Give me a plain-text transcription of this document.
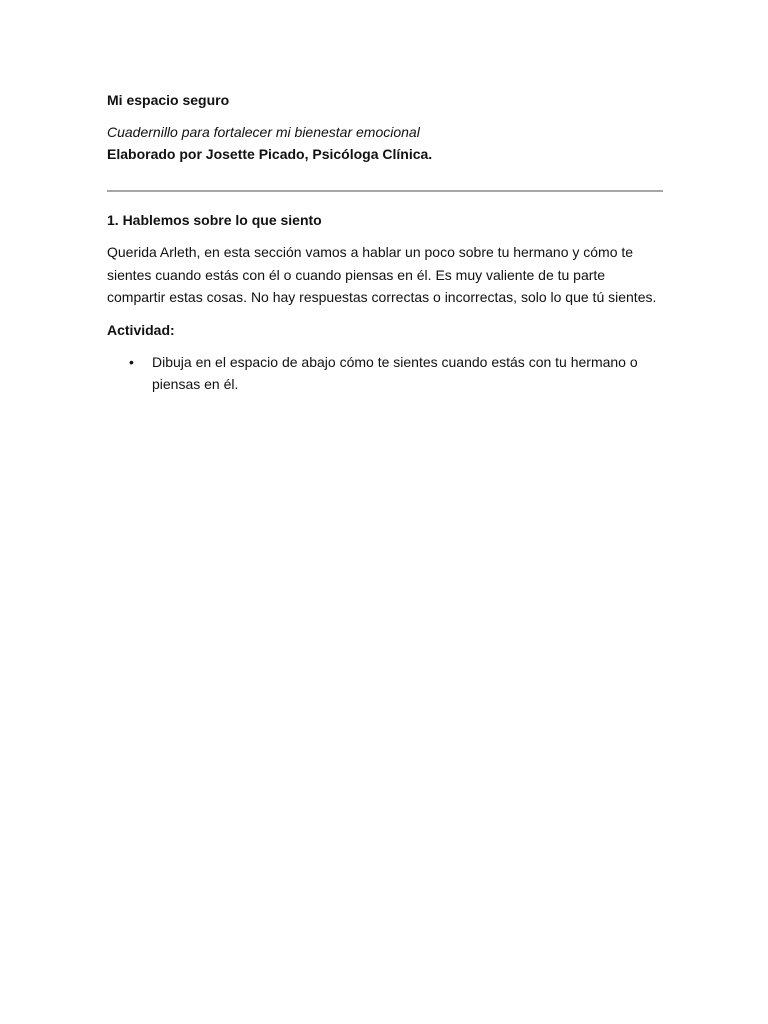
Mi espacio seguro

Cuadernillo para fortalecer mi bienestar emocional

Elaborado por Josette Picado, Psicóloga Clínica.

1. Hablemos sobre lo que siento

Querida Arleth, en esta sección vamos a hablar un poco sobre tu hermano y cómo te sientes cuando estás con él o cuando piensas en él. Es muy valiente de tu parte compartir estas cosas. No hay respuestas correctas o incorrectas, solo lo que tú sientes.

Actividad:

• Dibuja en el espacio de abajo cómo te sientes cuando estás con tu hermano o piensas en él.
